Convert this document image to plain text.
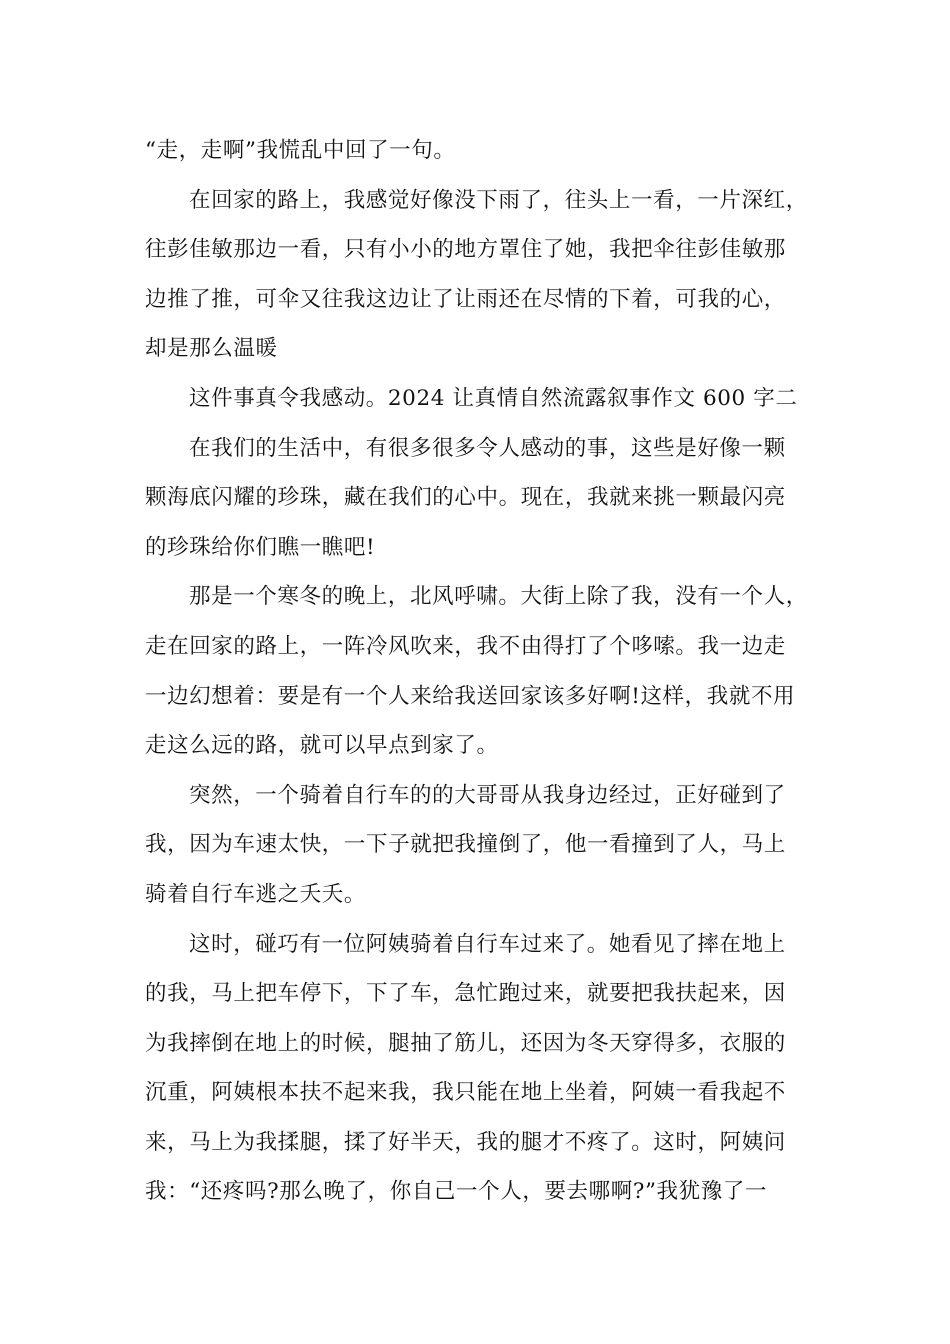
“走，走啊”我慌乱中回了一句。
在回家的路上，我感觉好像没下雨了，往头上一看，一片深红，
往彭佳敏那边一看，只有小小的地方罩住了她，我把伞往彭佳敏那
边推了推，可伞又往我这边让了让雨还在尽情的下着，可我的心，
却是那么温暖
这件事真令我感动。2024 让真情自然流露叙事作文 600 字二
在我们的生活中，有很多很多令人感动的事，这些是好像一颗
颗海底闪耀的珍珠，藏在我们的心中。现在，我就来挑一颗最闪亮
的珍珠给你们瞧一瞧吧!
那是一个寒冬的晚上，北风呼啸。大街上除了我，没有一个人，
走在回家的路上，一阵冷风吹来，我不由得打了个哆嗦。我一边走
一边幻想着：要是有一个人来给我送回家该多好啊!这样，我就不用
走这么远的路，就可以早点到家了。
突然，一个骑着自行车的的大哥哥从我身边经过，正好碰到了
我，因为车速太快，一下子就把我撞倒了，他一看撞到了人，马上
骑着自行车逃之夭夭。
这时，碰巧有一位阿姨骑着自行车过来了。她看见了摔在地上
的我，马上把车停下，下了车，急忙跑过来，就要把我扶起来，因
为我摔倒在地上的时候，腿抽了筋儿，还因为冬天穿得多，衣服的
沉重，阿姨根本扶不起来我，我只能在地上坐着，阿姨一看我起不
来，马上为我揉腿，揉了好半天，我的腿才不疼了。这时，阿姨问
我：“还疼吗?那么晚了，你自己一个人，要去哪啊?”我犹豫了一
